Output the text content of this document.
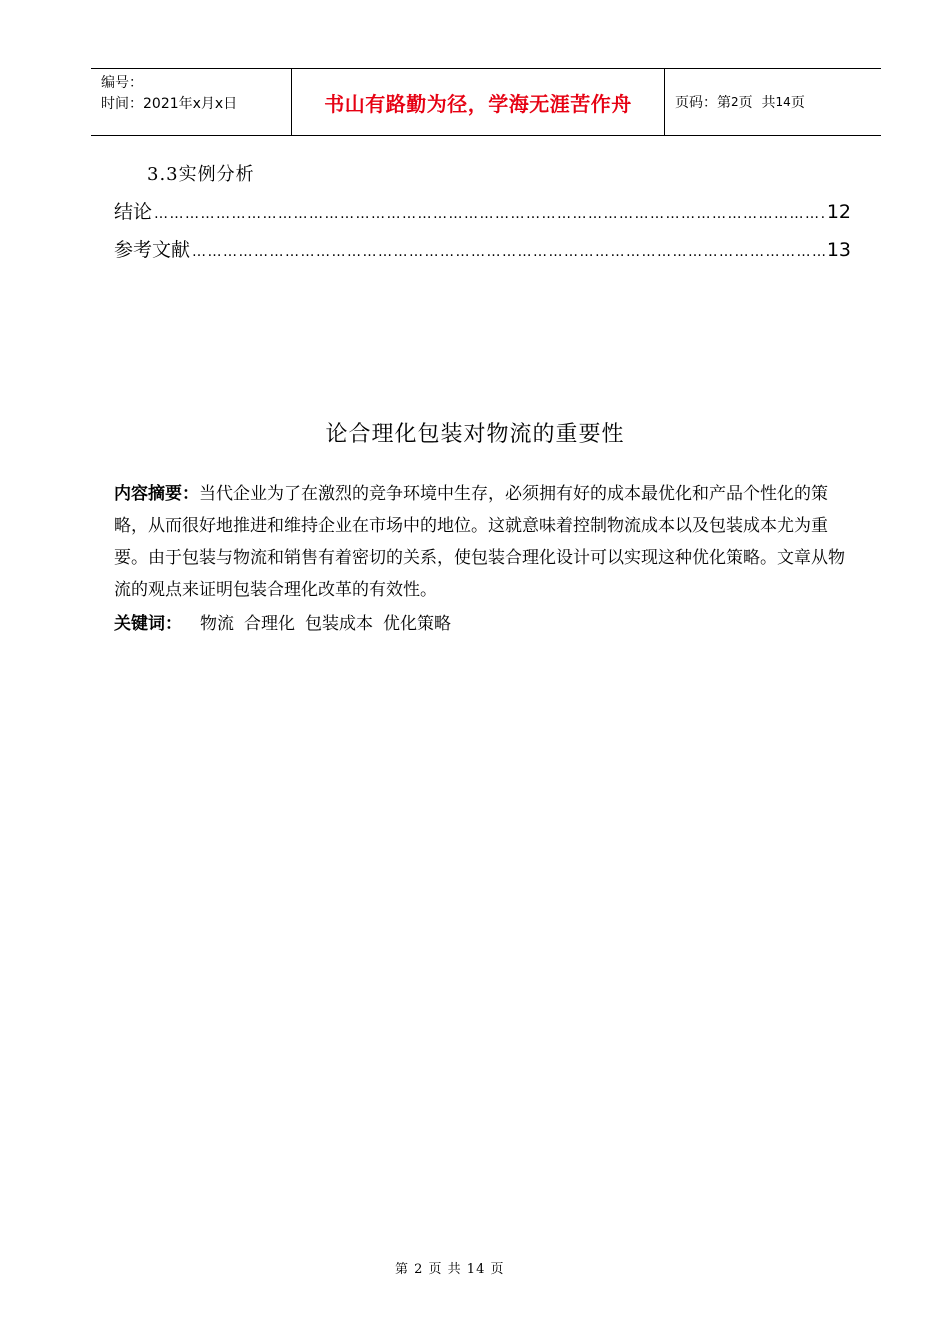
编号：
时间：2021年x月x日	书山有路勤为径，学海无涯苦作舟	页码： 第 2 页  共 14 页
3.3实例分析
结论 …………………………………………………………………………………………………………………………………………………………………………………	12
参考文献 …………………………………………………………………………………………………………………………………………………………………………………	13
论合理化包装对物流的重要性
内容摘要：当代企业为了在激烈的竞争环境中生存，必须拥有好的成本最优化和产品个性化的策略，从而很好地推进和维持企业在市场中的地位。这就意味着控制物流成本以及包装成本尤为重要。由于包装与物流和销售有着密切的关系，使包装合理化设计可以实现这种优化策略。文章从物流的观点来证明包装合理化改革的有效性。
关键词： 物流 合理化 包装成本 优化策略
第 2 页 共 14 页
